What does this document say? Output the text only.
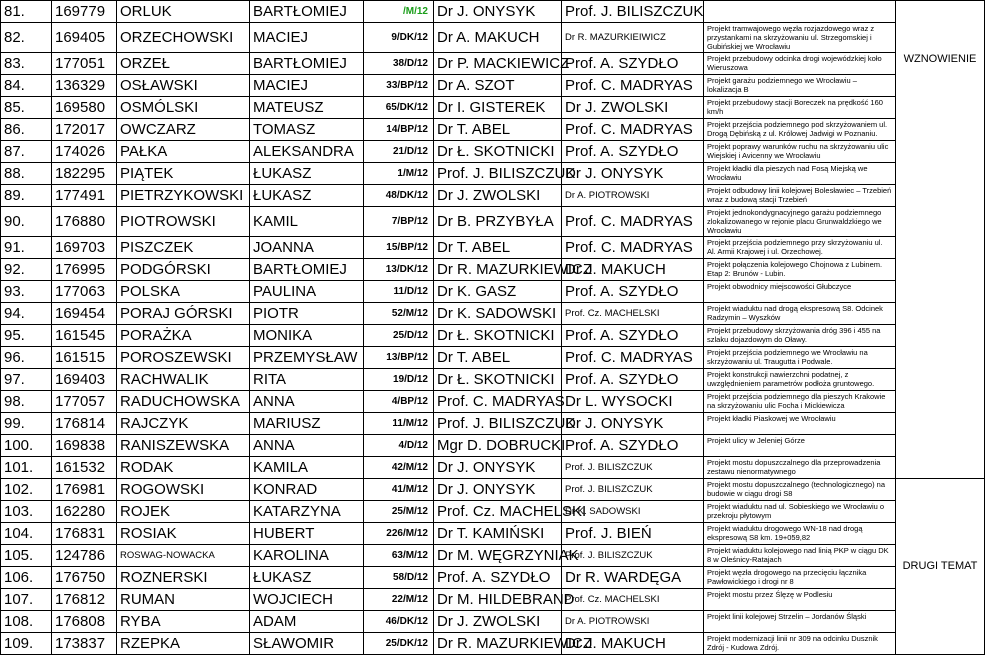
81.	169779	ORLUK	BARTŁOMIEJ	/M/12	Dr J. ONYSYK	Prof. J. BILISZCZUK		WZNOWIENIE
82.	169405	ORZECHOWSKI	MACIEJ	9/DK/12	Dr A. MAKUCH	Dr R. MAZURKIEIWICZ	Projekt tramwajowego węzła rozjazdowego wraz z przystankami na skrzyżowaniu ul. Strzegomskiej i Gubińskiej we Wrocławiu	
83.	177051	ORZEŁ	BARTŁOMIEJ	38/D/12	Dr P. MACKIEWICZ	Prof. A. SZYDŁO	Projekt przebudowy odcinka drogi wojewódzkiej koło Wieruszowa	
84.	136329	OSŁAWSKI	MACIEJ	33/BP/12	Dr A. SZOT	Prof. C. MADRYAS	Projekt garażu podziemnego we Wrocławiu – lokalizacja B	
85.	169580	OSMÓLSKI	MATEUSZ	65/DK/12	Dr I. GISTEREK	Dr J. ZWOLSKI	Projekt przebudowy stacji Boreczek na prędkość 160 km/h	
86.	172017	OWCZARZ	TOMASZ	14/BP/12	Dr T. ABEL	Prof. C. MADRYAS	Projekt przejścia podziemnego pod skrzyżowaniem ul. Drogą Dębińską z ul. Królowej Jadwigi w Poznaniu.	
87.	174026	PAŁKA	ALEKSANDRA	21/D/12	Dr Ł. SKOTNICKI	Prof. A. SZYDŁO	Projekt poprawy warunków ruchu na skrzyżowaniu ulic Wiejskiej i Avicenny we Wrocławiu	
88.	182295	PIĄTEK	ŁUKASZ	1/M/12	Prof. J. BILISZCZUK	Dr J. ONYSYK	Projekt kładki dla pieszych nad Fosą Miejską we Wrocławiu	
89.	177491	PIETRZYKOWSKI	ŁUKASZ	48/DK/12	Dr J. ZWOLSKI	Dr A. PIOTROWSKI	Projekt odbudowy linii kolejowej Bolesławiec – Trzebień wraz z budową stacji Trzebień	
90.	176880	PIOTROWSKI	KAMIL	7/BP/12	Dr B. PRZYBYŁA	Prof. C. MADRYAS	Projekt jednokondygnacyjnego garażu podziemnego zlokalizowanego w rejonie placu Grunwaldzkiego we Wrocławiu	
91.	169703	PISZCZEK	JOANNA	15/BP/12	Dr T. ABEL	Prof. C. MADRYAS	Projekt przejścia podziemnego przy skrzyżowaniu ul. Al. Armii Krajowej i ul. Orzechowej.	
92.	176995	PODGÓRSKI	BARTŁOMIEJ	13/DK/12	Dr R. MAZURKIEWICZ	Dr J. MAKUCH	Projekt połączenia kolejowego Chojnowa z Lubinem. Etap 2: Brunów - Lubin.	
93.	177063	POLSKA	PAULINA	11/D/12	Dr K. GASZ	Prof. A. SZYDŁO	Projekt obwodnicy miejscowości Głubczyce	
94.	169454	PORAJ GÓRSKI	PIOTR	52/M/12	Dr K. SADOWSKI	Prof. Cz. MACHELSKI	Projekt wiaduktu nad drogą ekspresową S8. Odcinek Radzymin – Wyszków	
95.	161545	PORAŻKA	MONIKA	25/D/12	Dr Ł. SKOTNICKI	Prof. A. SZYDŁO	Projekt przebudowy skrzyżowania dróg 396 i 455 na szlaku dojazdowym do Oławy.	
96.	161515	POROSZEWSKI	PRZEMYSŁAW	13/BP/12	Dr T. ABEL	Prof. C. MADRYAS	Projekt przejścia podziemnego we Wrocławiu na skrzyżowaniu ul. Traugutta i Podwale.	
97.	169403	RACHWALIK	RITA	19/D/12	Dr Ł. SKOTNICKI	Prof. A. SZYDŁO	Projekt konstrukcji nawierzchni podatnej, z uwzględnieniem parametrów podłoża gruntowego.	
98.	177057	RADUCHOWSKA	ANNA	4/BP/12	Prof. C. MADRYAS	Dr L. WYSOCKI	Projekt przejścia podziemnego dla pieszych Krakowie na skrzyżowaniu ulic Focha i Mickiewicza	
99.	176814	RAJCZYK	MARIUSZ	11/M/12	Prof. J. BILISZCZUK	Dr J. ONYSYK	Projekt kładki Piaskowej we Wrocławiu	
100.	169838	RANISZEWSKA	ANNA	4/D/12	Mgr D. DOBRUCKI	Prof. A. SZYDŁO	Projekt ulicy w Jeleniej Górze	
101.	161532	RODAK	KAMILA	42/M/12	Dr J. ONYSYK	Prof. J. BILISZCZUK	Projekt mostu dopuszczalnego dla przeprowadzenia zestawu nienormatywnego	
102.	176981	ROGOWSKI	KONRAD	41/M/12	Dr J. ONYSYK	Prof. J. BILISZCZUK	Projekt mostu dopuszczalnego (technologicznego) na budowie w ciągu drogi S8	DRUGI TEMAT
103.	162280	ROJEK	KATARZYNA	25/M/12	Prof. Cz. MACHELSKI	Dr K. SADOWSKI	Projekt wiaduktu nad ul. Sobieskiego we Wrocławiu o przekroju płytowym	
104.	176831	ROSIAK	HUBERT	226/M/12	Dr T. KAMIŃSKI	Prof. J. BIEŃ	Projekt wiaduktu drogowego WN-18 nad drogą ekspresową S8 km. 19+059,82	
105.	124786	ROSWAG-NOWACKA	KAROLINA	63/M/12	Dr M. WĘGRZYNIAK	Prof. J. BILISZCZUK	Projekt wiaduktu kolejowego nad linią PKP w ciągu DK 8 w Oleśnicy-Ratajach	
106.	176750	ROZNERSKI	ŁUKASZ	58/D/12	Prof. A. SZYDŁO	Dr R. WARDĘGA	Projekt węzła drogowego na przecięciu łącznika Pawłowickiego i drogi nr 8	
107.	176812	RUMAN	WOJCIECH	22/M/12	Dr M. HILDEBRAND	Prof. Cz. MACHELSKI	Projekt mostu przez Ślęzę w Podlesiu	
108.	176808	RYBA	ADAM	46/DK/12	Dr J. ZWOLSKI	Dr A. PIOTROWSKI	Projekt linii kolejowej Strzelin – Jordanów Śląski	
109.	173837	RZEPKA	SŁAWOMIR	25/DK/12	Dr R. MAZURKIEWICZ	Dr J. MAKUCH	Projekt modernizacji linii nr 309 na odcinku Dusznik Zdrój - Kudowa Zdrój.	
